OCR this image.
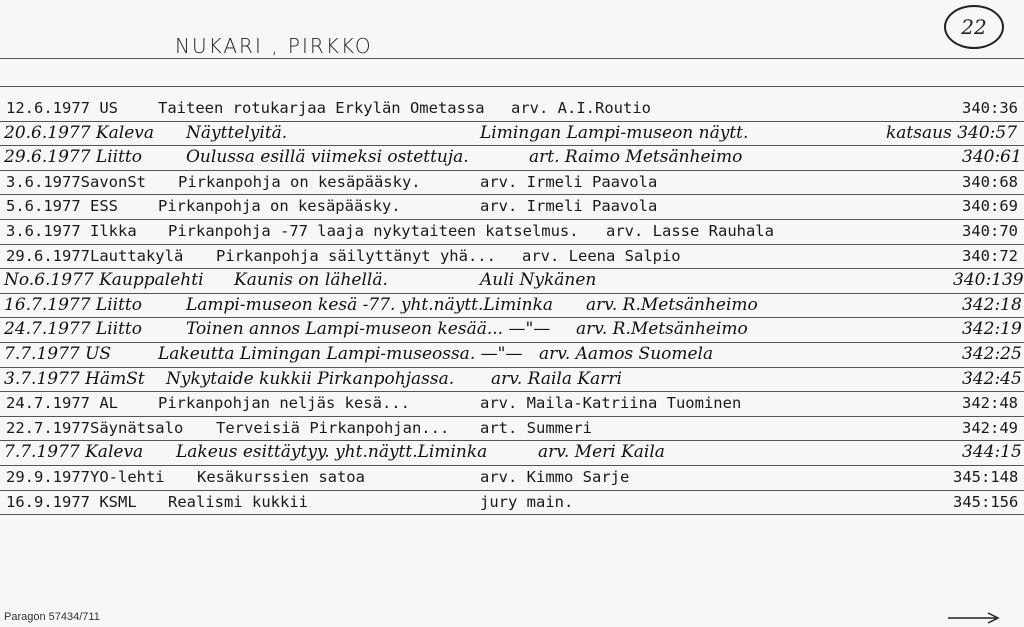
NUKARI , PIRKKO
22
12.6.1977 US	Taiteen rotukarjaa Erkylän Ometassa arv. A.I.Routio	340:36
20.6.1977 Kaleva Näyttelyitä.	Limingan Lampi-museon näytt.	katsaus 340:57
29.6.1977 Liitto	Oulussa esillä viimeksi ostettuja.	art. Raimo Metsänheimo	340:61
3.6.1977SavonSt Pirkanpohja on kesäpääsky.	arv. Irmeli Paavola	340:68
5.6.1977 ESS	Pirkanpohja on kesäpääsky.	arv. Irmeli Paavola	340:69
3.6.1977 Ilkka Pirkanpohja -77 laaja nykytaiteen katselmus. arv. Lasse Rauhala	340:70
29.6.1977Lauttakylä Pirkanpohja säilyttänyt yhä... arv. Leena Salpio	340:72
No.6.1977 Kauppalehti Kaunis on lähellä.	Auli Nykänen	340:139
16.7.1977 Liitto	Lampi-museon kesä -77. yht.näytt.Liminka arv. R.Metsänheimo	342:18
24.7.1977 Liitto	Toinen annos Lampi-museon kesää... —"— arv. R.Metsänheimo	342:19
7.7.1977 US	Lakeutta Limingan Lampi-museossa. —"— arv. Aamos Suomela	342:25
3.7.1977 HämSt Nykytaide kukkii Pirkanpohjassa. arv. Raila Karri	342:45
24.7.1977 AL	Pirkanpohjan neljäs kesä...	arv. Maila-Katriina Tuominen	342:48
22.7.1977Säynätsalo Terveisiä Pirkanpohjan... art. Summeri	342:49
7.7.1977 Kaleva Lakeus esittäytyy. yht.näytt.Liminka	arv. Meri Kaila	344:15
29.9.1977YO-lehti Kesäkurssien satoa	arv. Kimmo Sarje	345:148
16.9.1977 KSML Realismi kukkii	jury main.	345:156
Paragon 57434/711
